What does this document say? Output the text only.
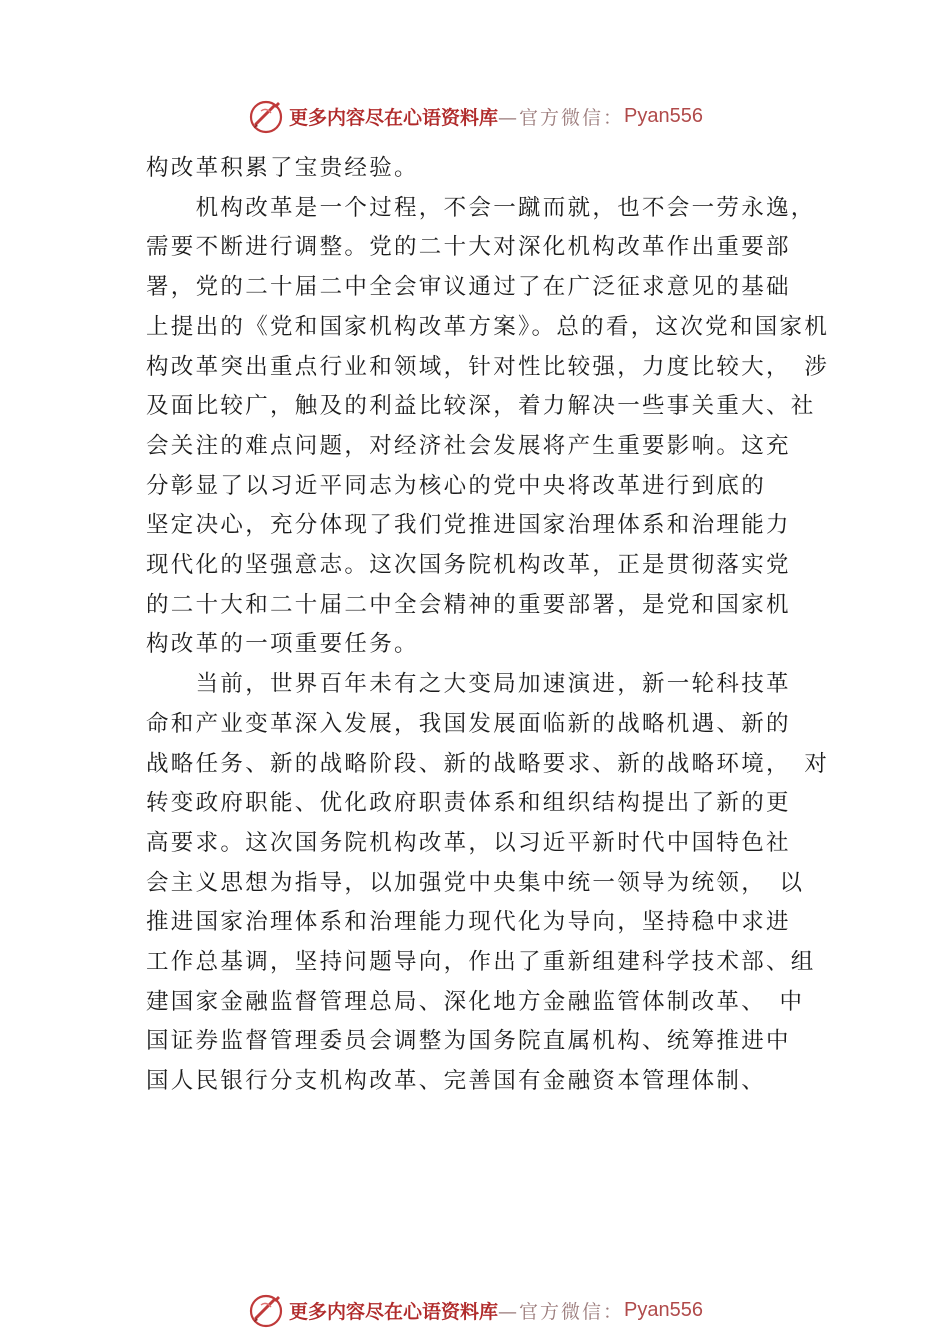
更多内容尽在心语资料库 —官方微信： Pyan556

构改革积累了宝贵经验。

　　机构改革是一个过程，不会一蹴而就，也不会一劳永逸，

需要不断进行调整。党的二十大对深化机构改革作出重要部

署，党的二十届二中全会审议通过了在广泛征求意见的基础

上提出的《党和国家机构改革方案》。总的看，这次党和国家机

构改革突出重点行业和领域，针对性比较强，力度比较大，　涉

及面比较广，触及的利益比较深，着力解决一些事关重大、社

会关注的难点问题，对经济社会发展将产生重要影响。这充

分彰显了以习近平同志为核心的党中央将改革进行到底的

坚定决心，充分体现了我们党推进国家治理体系和治理能力

现代化的坚强意志。这次国务院机构改革，正是贯彻落实党

的二十大和二十届二中全会精神的重要部署，是党和国家机

构改革的一项重要任务。

　　当前，世界百年未有之大变局加速演进，新一轮科技革

命和产业变革深入发展，我国发展面临新的战略机遇、新的

战略任务、新的战略阶段、新的战略要求、新的战略环境，　对

转变政府职能、优化政府职责体系和组织结构提出了新的更

高要求。这次国务院机构改革，以习近平新时代中国特色社

会主义思想为指导，以加强党中央集中统一领导为统领，　以

推进国家治理体系和治理能力现代化为导向，坚持稳中求进

工作总基调，坚持问题导向，作出了重新组建科学技术部、组

建国家金融监督管理总局、深化地方金融监管体制改革、　中

国证券监督管理委员会调整为国务院直属机构、统筹推进中

国人民银行分支机构改革、完善国有金融资本管理体制、

更多内容尽在心语资料库 —官方微信： Pyan556
